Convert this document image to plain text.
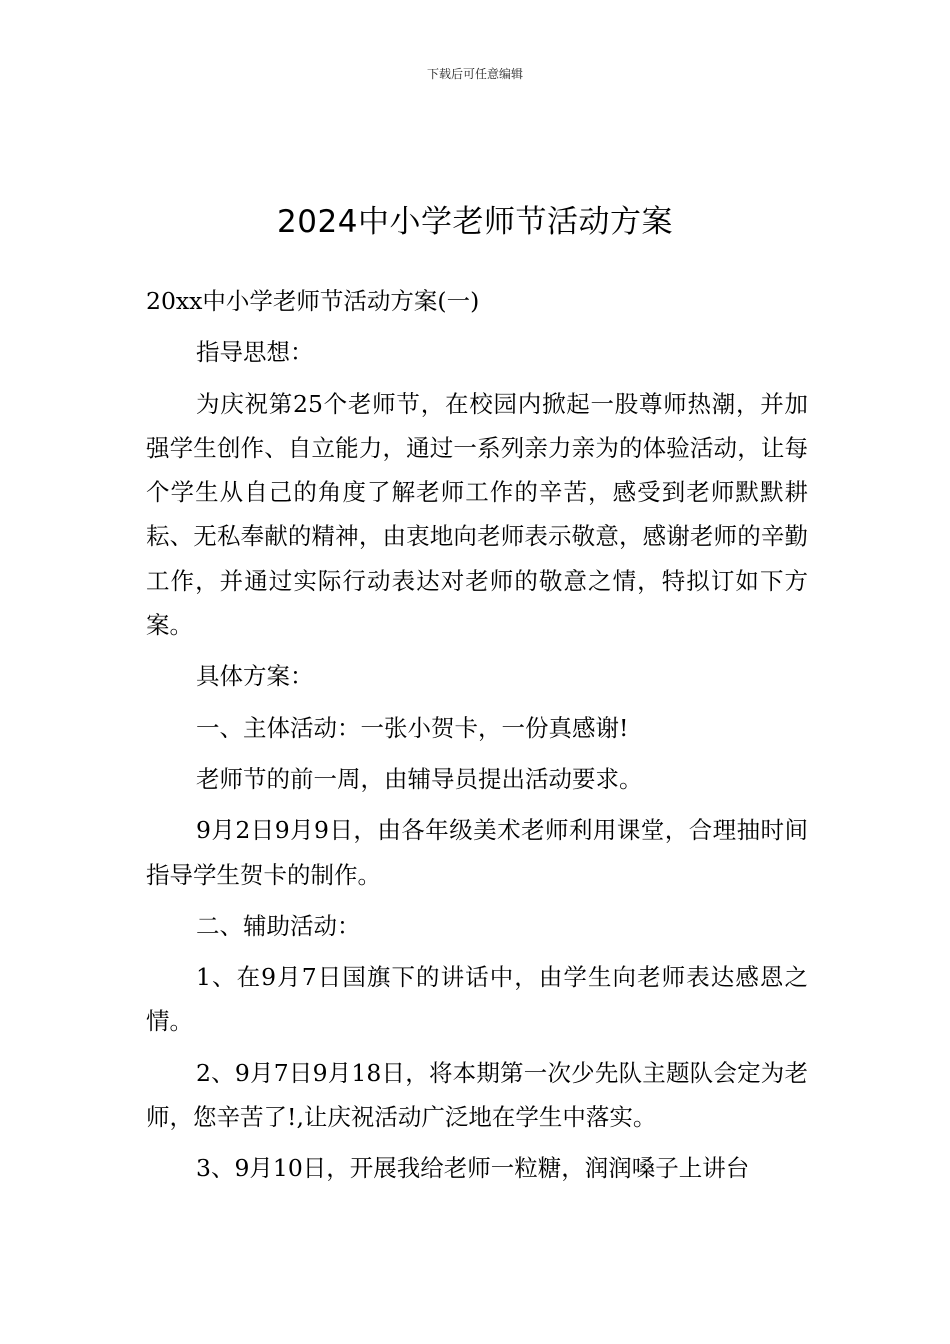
下载后可任意编辑
2024中小学老师节活动方案

20xx中小学老师节活动方案(一)

指导思想：

为庆祝第25个老师节，在校园内掀起一股尊师热潮，并加强学生创作、自立能力，通过一系列亲力亲为的体验活动，让每个学生从自己的角度了解老师工作的辛苦，感受到老师默默耕耘、无私奉献的精神，由衷地向老师表示敬意，感谢老师的辛勤工作，并通过实际行动表达对老师的敬意之情，特拟订如下方案。

具体方案：

一、主体活动：一张小贺卡，一份真感谢!

老师节的前一周，由辅导员提出活动要求。

9月2日9月9日，由各年级美术老师利用课堂，合理抽时间指导学生贺卡的制作。

二、辅助活动：

1、在9月7日国旗下的讲话中，由学生向老师表达感恩之情。

2、9月7日9月18日，将本期第一次少先队主题队会定为老师，您辛苦了!,让庆祝活动广泛地在学生中落实。

3、9月10日，开展我给老师一粒糖，润润嗓子上讲台
